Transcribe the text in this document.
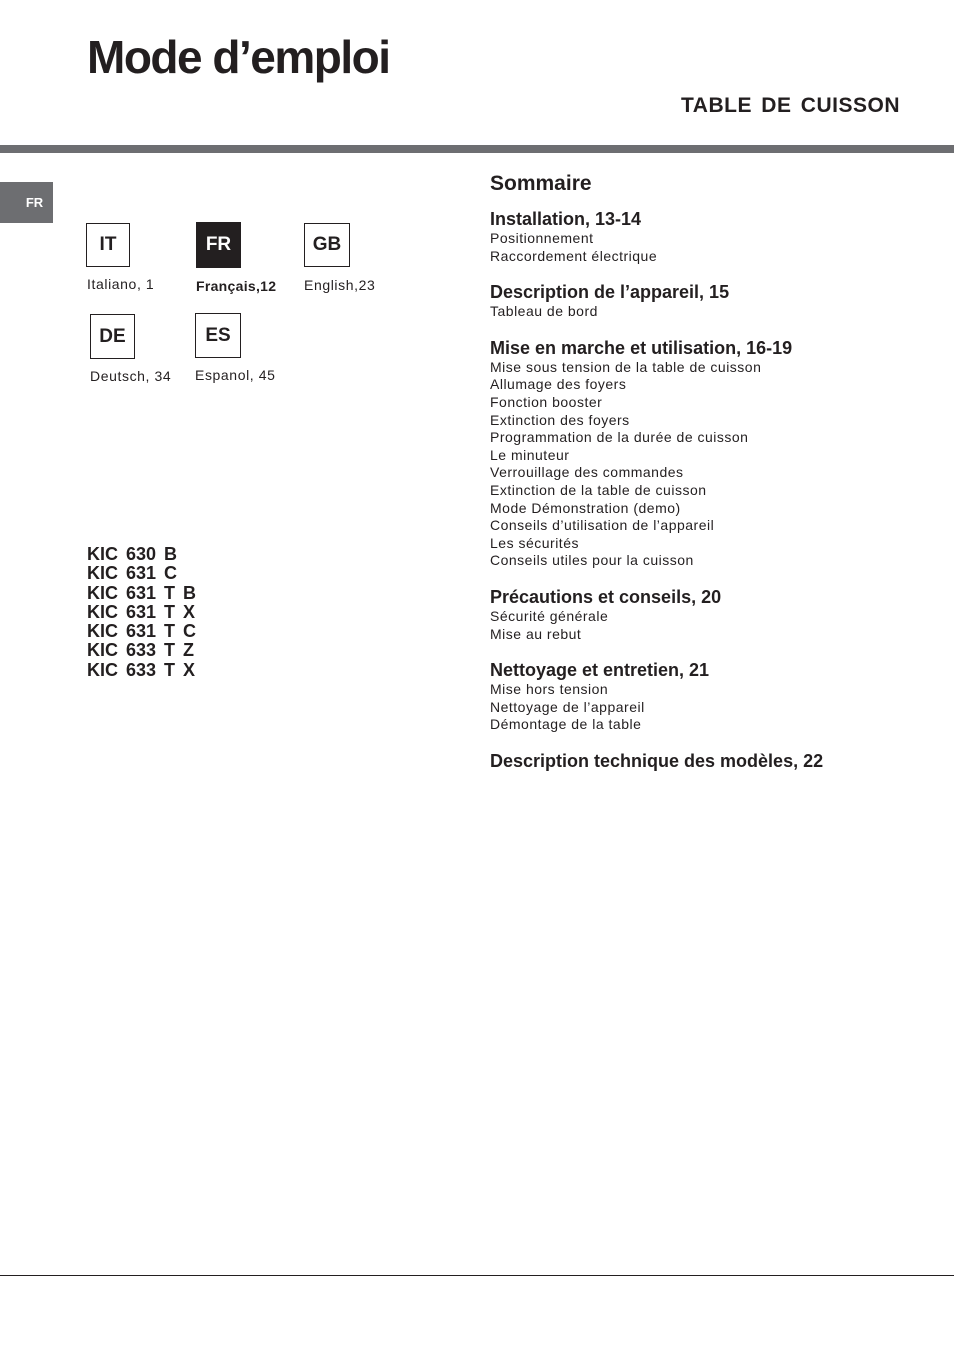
Mode d’emploi
TABLE DE CUISSON
FR
IT
Italiano, 1
FR
Français,12
GB
English,23
DE
Deutsch, 34
ES
Espanol, 45
KIC 630 B
KIC 631 C
KIC 631 T B
KIC 631 T X
KIC 631 T C
KIC 633 T Z
KIC 633 T X
Sommaire
Installation, 13-14
Positionnement
Raccordement électrique
Description de l’appareil, 15
Tableau de bord
Mise en marche et utilisation, 16-19
Mise sous tension de la table de cuisson
Allumage des foyers
Fonction booster
Extinction des foyers
Programmation de la durée de cuisson
Le minuteur
Verrouillage des commandes
Extinction de la table de cuisson
Mode Démonstration (demo)
Conseils d’utilisation de l’appareil
Les sécurités
Conseils utiles pour la cuisson
Précautions et conseils, 20
Sécurité générale
Mise au rebut
Nettoyage et entretien, 21
Mise hors tension
Nettoyage de l’appareil
Démontage de la table
Description technique des modèles, 22
